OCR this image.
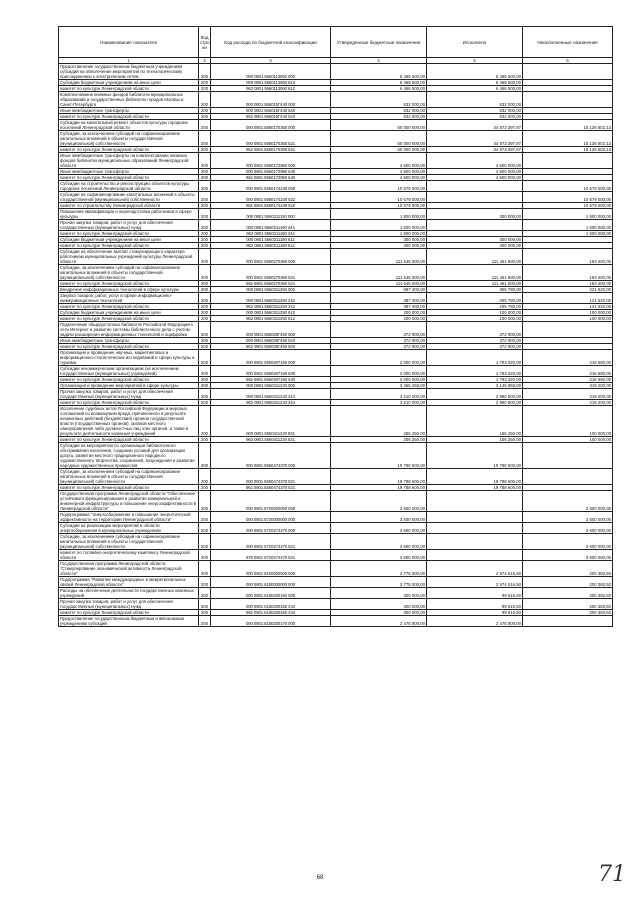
Наименование показателя	Код стро ки	Код расхода по бюджетной классификации	Утвержденные бюджетные назначения	Исполнено	Неисполненные назначения
1	2	3	4	5	6
Предоставление государственным бюджетным учреждениям субсидий на обеспечение мероприятий по технологическому присоединению к электрическим сетям	200	000 0801 5560113060 000	6 456 500,00	6 456 500,00	
Субсидии бюджетным учреждениям на иные цели	200	000 0801 5560113060 612	6 456 500,00	6 456 500,00	
комитет по культуре Ленинградской области	200	962 0801 5560113060 612	6 456 500,00	6 456 500,00	
Комплектование книжных фондов библиотек муниципальных образований и государственных библиотек городов Москвы и Санкт-Петербурга	200	000 0801 556015Г440 000	532 000,00	532 000,00	
Иные межбюджетные трансферты	200	000 0801 556015Г440 540	532 000,00	532 000,00	
комитет по культуре Ленинградской области	200	962 0801 556015Г440 540	532 000,00	532 000,00	
Субсидии на капитальный ремонт объектов культуры городских поселений Ленинградской области	200	000 0801 5560170350 000	50 000 000,00	34 873 397,87	15 126 602,13
Субсидии, за исключением субсидий на софинансирование капитальных вложений в объекты государственной (муниципальной) собственности	200	000 0801 5560170350 521	50 000 000,00	34 873 397,87	15 126 602,13
комитет по культуре Ленинградской области	200	962 0801 5560170350 521	50 000 000,00	34 873 397,87	15 126 602,13
Иные межбюджетные трансферты на комплектование книжных фондов библиотек муниципальных образований Ленинградской области	200	000 0801 5560172950 000	4 500 000,00	4 500 000,00	
Иные межбюджетные трансферты	200	000 0801 5560172950 540	4 500 000,00	4 500 000,00	
комитет по культуре Ленинградской области	200	962 0801 5560172950 540	4 500 000,00	4 500 000,00	
Субсидии на строительство и реконструкцию объектов культуры городских поселений Ленинградской области	200	000 0801 5560174230 000	10 679 000,00		10 679 000,00
Субсидии на софинансирование капитальных вложений в объекты государственной (муниципальной) собственности	200	000 0801 5560174230 522	10 679 000,00		10 679 000,00
комитет по строительству Ленинградской области	200	961 0801 5560174230 522	10 679 000,00		10 679 000,00
Повышение квалификации и переподготовка работников в сфере культуры	200	000 0801 5560211190 000	1 800 000,00	300 000,00	1 500 000,00
Прочая закупка товаров, работ и услуг для обеспечения государственных (муниципальных) нужд	200	000 0801 5560211190 244	1 500 000,00		1 500 000,00
комитет по культуре Ленинградской области	200	962 0801 5560211190 244	1 500 000,00		1 500 000,00
Субсидии бюджетным учреждениям на иные цели	200	000 0801 5560211190 612	300 000,00	300 000,00	
комитет по культуре Ленинградской области	200	962 0801 5560211190 612	300 000,00	300 000,00	
Субсидии на обеспечение выплат стимулирующего характера работникам муниципальных учреждений культуры Ленинградской области	200	000 0801 5560270360 000	111 645 000,00	111 461 600,00	183 400,00
Субсидии, за исключением субсидий на софинансирование капитальных вложений в объекты государственной (муниципальной) собственности	200	000 0801 5560270360 521	111 645 000,00	111 461 600,00	183 400,00
комитет по культуре Ленинградской области	200	962 0801 5560270360 521	111 645 000,00	111 461 600,00	183 400,00
Внедрение информационных технологий в сфере культуры	200	000 0801 5560311250 000	587 400,00	365 780,00	221 620,00
Закупка товаров, работ, услуг в сфере информационно-коммуникационных технологий	200	000 0801 5560311250 242	387 400,00	265 780,00	121 620,00
комитет по культуре Ленинградской области	200	962 0801 5560311250 242	387 400,00	265 780,00	121 620,00
Субсидии бюджетным учреждениям на иные цели	200	000 0801 5560311250 612	200 000,00	100 000,00	100 000,00
комитет по культуре Ленинградской области	200	962 0801 5560311250 612	200 000,00	100 000,00	100 000,00
Подключение общедоступных библиотек Российской Федерации к сети Интернет и развитие системы библиотечного дела с учетом задачи расширения информационных технологий и оцифровки	200	000 0801 556035Г460 000	372 900,00	372 900,00	
Иные межбюджетные трансферты	200	000 0801 556035Г460 540	372 900,00	372 900,00	
комитет по культуре Ленинградской области	200	962 0801 556035Г460 540	372 900,00	372 900,00	
Организация и проведение научных, маркетинговых и информационно-статистических исследований в сфере культуры и туризма	200	000 0801 5560407160 000	2 000 000,00	1 783 320,00	216 680,00
Субсидии некоммерческим организациям (за исключением государственных (муниципальных) учреждений)	200	000 0801 5560407160 630	2 000 000,00	1 783 320,00	216 680,00
комитет по культуре Ленинградской области	200	962 0801 5560407160 630	2 000 000,00	1 783 320,00	216 680,00
Организация и проведение мероприятий в сфере культуры	200	000 0801 5560411220 000	3 466 250,00	3 146 850,00	319 200,00
Прочая закупка товаров, работ и услуг для обеспечения государственных (муниципальных) нужд	200	000 0801 5560411220 244	3 210 000,00	2 990 800,00	219 200,00
комитет по культуре Ленинградской области	200	962 0801 5560411220 244	3 210 000,00	2 990 800,00	219 200,00
Исполнение судебных актов Российской Федерации и мировых соглашений по возмещению вреда, причиненного в результате незаконных действий (бездействия) органов государственной власти (государственных органов), органов местного самоуправления либо должностных лиц этих органов, а также в результате деятельности казенных учреждений	200	000 0801 5560411220 831	256 250,00	156 250,00	100 000,00
комитет по культуре Ленинградской области	200	962 0801 5560411220 831	256 250,00	156 250,00	100 000,00
Субсидии на мероприятия по организации библиотечного обслуживания населения, созданию условий для организации досуга, развития местного традиционного народного художественного творчества, сохранения, возрождения и развития народных художественных промыслов	200	000 0801 5560474370 000	19 788 600,00	19 788 600,00	
Субсидии, за исключением субсидий на софинансирование капитальных вложений в объекты государственной (муниципальной) собственности	200	000 0801 5560474370 521	19 788 600,00	19 788 600,00	
комитет по культуре Ленинградской области	200	962 0801 5560474370 521	19 788 600,00	19 788 600,00	
Государственная программа Ленинградской области "Обеспечение устойчивого функционирования и развития коммунальной и инженерной инфраструктуры и повышение энергоэффективности в Ленинградской области"	200	000 0801 5700000000 000	3 600 000,00		3 600 000,00
Подпрограмма "Энергосбережение и повышение энергетической эффективности на территории Ленинградской области"	200	000 0801 5720000000 000	3 600 000,00		3 600 000,00
Субсидии на реализацию мероприятий в области энергосбережения в муниципальных учреждениях	200	000 0801 5720274470 000	3 600 000,00		3 600 000,00
Субсидии, за исключением субсидий на софинансирование капитальных вложений в объекты государственной (муниципальной) собственности	200	000 0801 5720274470 521	3 600 000,00		3 600 000,00
комитет по топливно-энергетическому комплексу Ленинградской области	200	978 0801 5720274470 521	3 600 000,00		3 600 000,00
Государственная программа Ленинградской области "Стимулирование экономической активности Ленинградской области"	200	000 0801 6100000000 000	2 775 000,00	2 574 616,50	200 383,50
Подпрограмма "Развитие международных и межрегиональных связей Ленинградской области"	200	000 0801 6180000000 000	2 775 000,00	2 574 616,50	200 383,50
Расходы на обеспечение деятельности государственных казенных учреждений	200	000 0801 6180200160 000	300 000,00	99 616,50	200 383,50
Прочая закупка товаров, работ и услуг для обеспечения государственных (муниципальных) нужд	200	000 0801 6180200160 244	300 000,00	99 616,50	200 383,50
комитет по культуре Ленинградской области	200	962 0801 6180200160 244	300 000,00	99 616,50	200 383,50
Предоставление государственным бюджетным и автономным учреждениям субсидий	200	000 0801 6180200170 000	2 475 000,00	2 475 000,00	
68	71
